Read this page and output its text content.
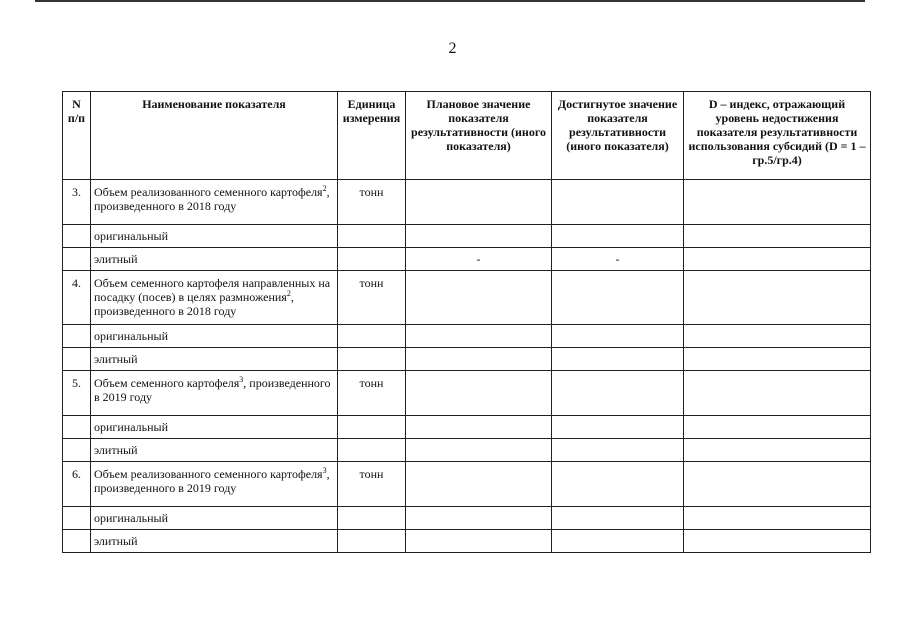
2
N п/п	Наименование показателя	Единица измерения	Плановое значение показателя результативности (иного показателя)	Достигнутое значение показателя результативности (иного показателя)	D – индекс, отражающий уровень недостижения показателя результативности использования субсидий (D = 1 – гр.5/гр.4)
3.	Объем реализованного семенного картофеля$^2$, произведенного в 2018 году	тонн			
	оригинальный				
	элитный		-	-	
4.	Объем семенного картофеля направленных на посадку (посев) в целях размножения$^2$, произведенного в 2018 году	тонн			
	оригинальный				
	элитный				
5.	Объем семенного картофеля$^3$, произведенного в 2019 году	тонн			
	оригинальный				
	элитный				
6.	Объем реализованного семенного картофеля$^3$, произведенного в 2019 году	тонн			
	оригинальный				
	элитный				
